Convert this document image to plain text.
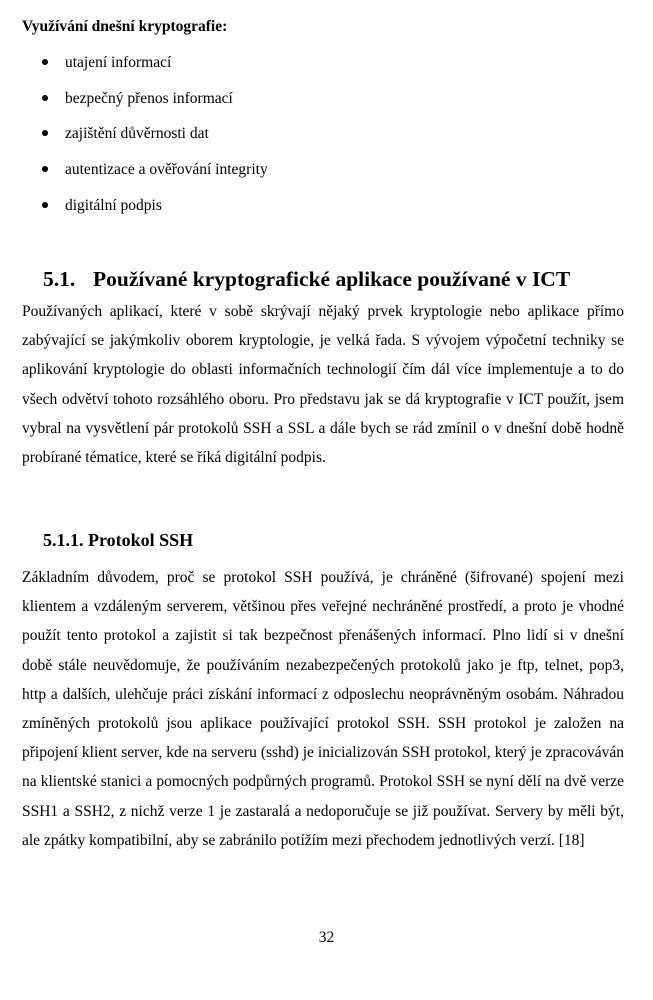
Využívání dnešní kryptografie:

utajení informací
bezpečný přenos informací
zajištění důvěrnosti dat
autentizace a ověřování integrity
digitální podpis
5.1. Používané kryptografické aplikace používané v ICT

Používaných aplikací, které v sobě skrývají nějaký prvek kryptologie nebo aplikace přímo zabývající se jakýmkoliv oborem kryptologie, je velká řada. S vývojem výpočetní techniky se aplikování kryptologie do oblasti informačních technologií čím dál více implementuje a to do všech odvětví tohoto rozsáhlého oboru. Pro představu jak se dá kryptografie v ICT použít, jsem vybral na vysvětlení pár protokolů SSH a SSL a dále bych se rád zmínil o v dnešní době hodně probírané tématice, které se říká digitální podpis.

5.1.1. Protokol SSH

Základním důvodem, proč se protokol SSH používá, je chráněné (šifrované) spojení mezi klientem a vzdáleným serverem, většinou přes veřejné nechráněné prostředí, a proto je vhodné použít tento protokol a zajistit si tak bezpečnost přenášených informací. Plno lidí si v dnešní době stále neuvědomuje, že používáním nezabezpečených protokolů jako je ftp, telnet, pop3, http a dalších, ulehčuje práci získání informací z odposlechu neoprávněným osobám. Náhradou zmíněných protokolů jsou aplikace používající protokol SSH. SSH protokol je založen na připojení klient server, kde na serveru (sshd) je inicializován SSH protokol, který je zpracováván na klientské stanici a pomocných podpůrných programů. Protokol SSH se nyní dělí na dvě verze SSH1 a SSH2, z nichž verze 1 je zastaralá a nedoporučuje se již používat. Servery by měli být, ale zpátky kompatibilní, aby se zabránilo potížím mezi přechodem jednotlivých verzí. [18]

32
